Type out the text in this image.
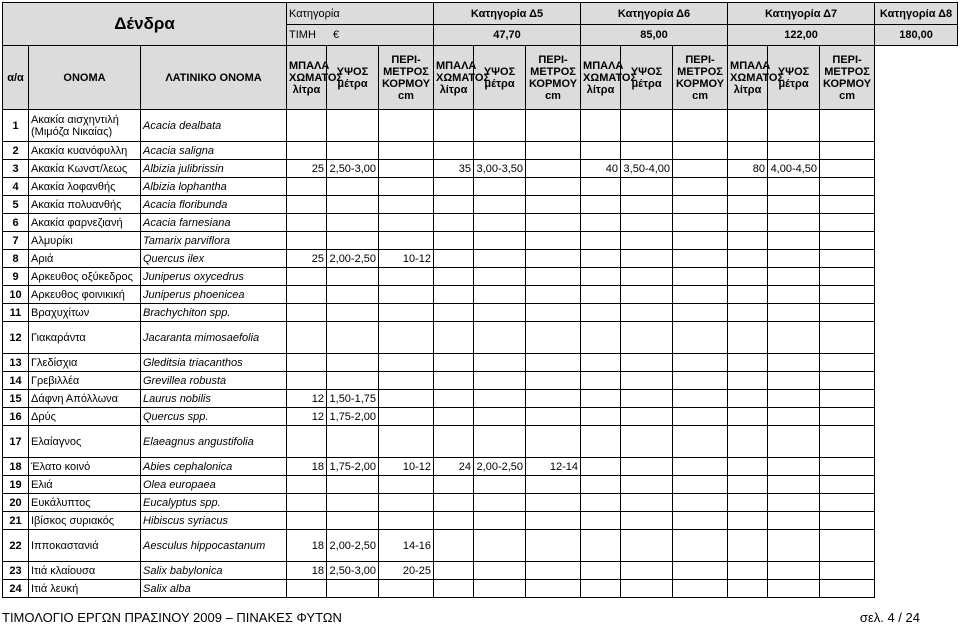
Δένδρα			Κατηγορία			Κατηγορία Δ5			Κατηγορία Δ6			Κατηγορία Δ7			Κατηγορία Δ8
			ΤΙΜΗ €			47,70			85,00			122,00			180,00
α/α	ΟΝΟΜΑ	ΛΑΤΙΝΙΚΟ ΟΝΟΜΑ	ΜΠΑΛΑ ΧΩΜΑΤΟΣ λίτρα	ΥΨΟΣ μέτρα	ΠΕΡΙ- ΜΕΤΡΟΣ ΚΟΡΜΟΥ cm	ΜΠΑΛΑ ΧΩΜΑΤΟΣ λίτρα	ΥΨΟΣ μέτρα	ΠΕΡΙ- ΜΕΤΡΟΣ ΚΟΡΜΟΥ cm	ΜΠΑΛΑ ΧΩΜΑΤΟΣ λίτρα	ΥΨΟΣ μέτρα	ΠΕΡΙ- ΜΕΤΡΟΣ ΚΟΡΜΟΥ cm	ΜΠΑΛΑ ΧΩΜΑΤΟΣ λίτρα	ΥΨΟΣ μέτρα	ΠΕΡΙ- ΜΕΤΡΟΣ ΚΟΡΜΟΥ cm	
1	Ακακία αισχηντιλή (Μιμόζα Νικαίας)	Acacia dealbata													
2	Ακακία κυανόφυλλη	Acacia saligna													
3	Ακακία Κωνστ/λεως	Albizia julibrissin	25	2,50-3,00		35	3,00-3,50		40	3,50-4,00		80	4,00-4,50		
4	Ακακία λοφανθής	Albizia lophantha													
5	Ακακία πολυανθής	Acacia floribunda													
6	Ακακία φαρνεζιανή	Acacia farnesiana													
7	Αλμυρίκι	Tamarix parviflora													
8	Αριά	Quercus ilex	25	2,00-2,50	10-12										
9	Αρκευθος οξύκεδρος	Juniperus oxycedrus													
10	Αρκευθος φοινικική	Juniperus phoenicea													
11	Βραχυχίτων	Brachychiton spp.													
12	Γιακαράντα	Jacaranta mimosaefolia													
13	Γλεδίσχια	Gleditsia triacanthos													
14	Γρεβιλλέα	Grevillea robusta													
15	Δάφνη Απόλλωνα	Laurus nobilis	12	1,50-1,75											
16	Δρύς	Quercus spp.	12	1,75-2,00											
17	Ελαίαγνος	Elaeagnus angustifolia													
18	Έλατο κοινό	Abies cephalonica	18	1,75-2,00	10-12	24	2,00-2,50	12-14							
19	Ελιά	Olea europaea													
20	Ευκάλυπτος	Eucalyptus spp.													
21	Ιβίσκος συριακός	Hibiscus syriacus													
22	Ιπποκαστανιά	Aesculus hippocastanum	18	2,00-2,50	14-16										
23	Ιτιά κλαίουσα	Salix babylonica	18	2,50-3,00	20-25										
24	Ιτιά λευκή	Salix alba													
ΤΙΜΟΛΟΓΙΟ ΕΡΓΩΝ ΠΡΑΣΙΝΟΥ 2009 – ΠΙΝΑΚΕΣ ΦΥΤΩΝ	σελ. 4 / 24
